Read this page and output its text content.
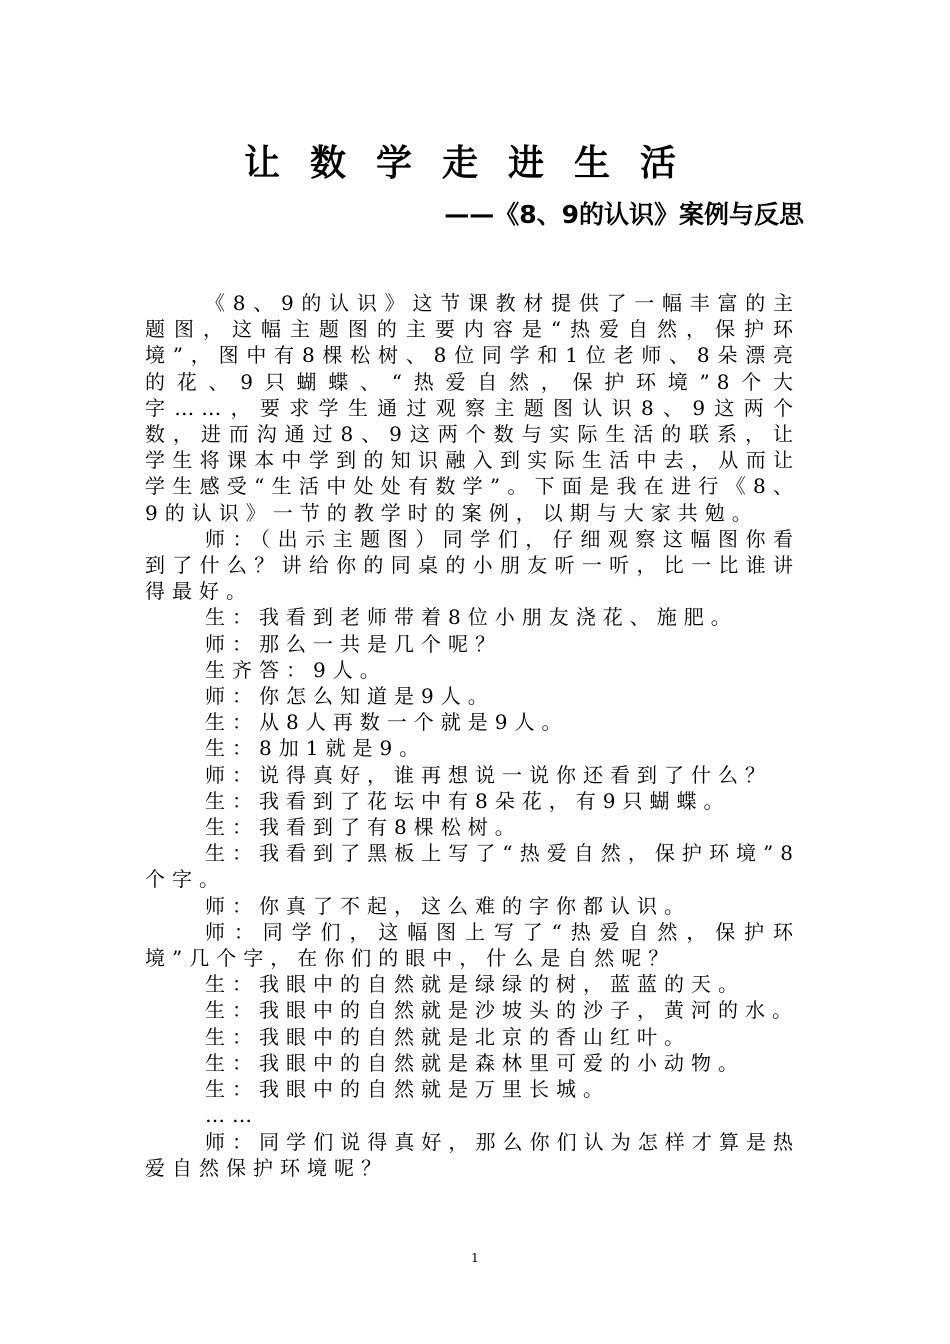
让数学走进生活
——《8、9的认识》案例与反思

《8、9的认识》这节课教材提供了一幅丰富的主题图，这幅主题图的主要内容是“热爱自然，保护环境”，图中有8棵松树、8位同学和1位老师、8朵漂亮的花、9只蝴蝶、“热爱自然，保护环境”8个大字……，要求学生通过观察主题图认识8、9这两个数，进而沟通过8、9这两个数与实际生活的联系，让学生将课本中学到的知识融入到实际生活中去，从而让学生感受“生活中处处有数学”。下面是我在进行《8、9的认识》一节的教学时的案例，以期与大家共勉。

师：（出示主题图）同学们，仔细观察这幅图你看到了什么？讲给你的同桌的小朋友听一听，比一比谁讲得最好。

生：我看到老师带着8位小朋友浇花、施肥。

师：那么一共是几个呢？

生齐答：9人。

师：你怎么知道是9人。

生：从8人再数一个就是9人。

生：8加1就是9。

师：说得真好，谁再想说一说你还看到了什么？

生：我看到了花坛中有8朵花，有9只蝴蝶。

生：我看到了有8棵松树。

生：我看到了黑板上写了“热爱自然，保护环境”8个字。

师：你真了不起，这么难的字你都认识。

师：同学们，这幅图上写了“热爱自然，保护环境”几个字，在你们的眼中，什么是自然呢？

生：我眼中的自然就是绿绿的树，蓝蓝的天。

生：我眼中的自然就是沙坡头的沙子，黄河的水。

生：我眼中的自然就是北京的香山红叶。

生：我眼中的自然就是森林里可爱的小动物。

生：我眼中的自然就是万里长城。

……

师：同学们说得真好，那么你们认为怎样才算是热爱自然保护环境呢？

1
